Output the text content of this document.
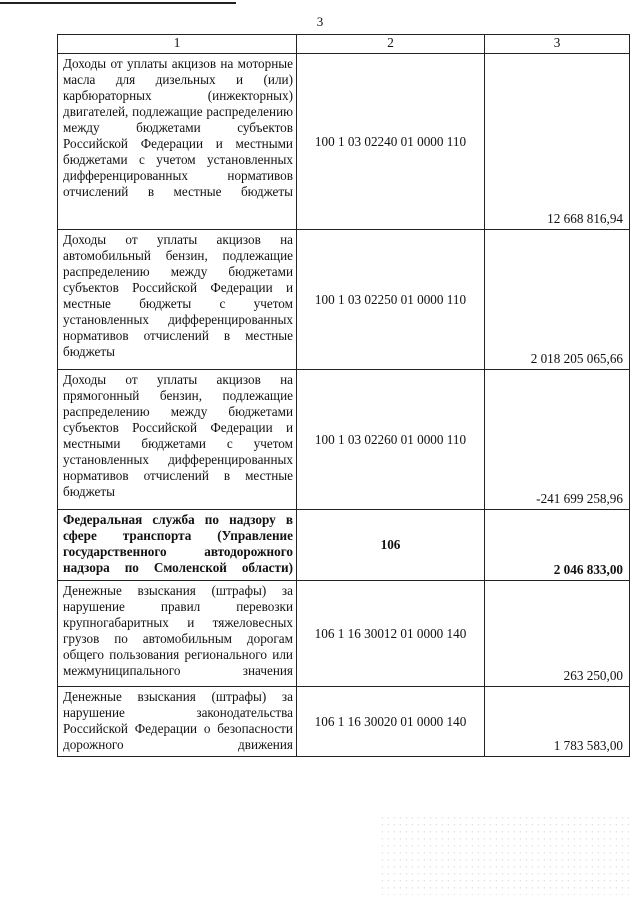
3
1	2	3

Доходы от уплаты акцизов на моторные масла для дизельных и (или) карбюраторных (инжекторных) двигателей, подлежащие распределению между бюджетами субъектов Российской Федерации и местными бюджетами с учетом установленных дифференцированных нормативов отчислений в местные бюджеты	100 1 03 02240 01 0000 110	12 668 816,94

Доходы от уплаты акцизов на автомобильный бензин, подлежащие распределению между бюджетами субъектов Российской Федерации и местные бюджеты с учетом установленных дифференцированных нормативов отчислений в местные бюджеты	100 1 03 02250 01 0000 110	2 018 205 065,66

Доходы от уплаты акцизов на прямогонный бензин, подлежащие распределению между бюджетами субъектов Российской Федерации и местными бюджетами с учетом установленных дифференцированных нормативов отчислений в местные бюджеты	100 1 03 02260 01 0000 110	-241 699 258,96

Федеральная служба по надзору в сфере транспорта (Управление государственного автодорожного надзора по Смоленской области)	106	2 046 833,00

Денежные взыскания (штрафы) за нарушение правил перевозки крупногабаритных и тяжеловесных грузов по автомобильным дорогам общего пользования регионального или межмуниципального значения	106 1 16 30012 01 0000 140	263 250,00

Денежные взыскания (штрафы) за нарушение законодательства Российской Федерации о безопасности дорожного движения	106 1 16 30020 01 0000 140	1 783 583,00
